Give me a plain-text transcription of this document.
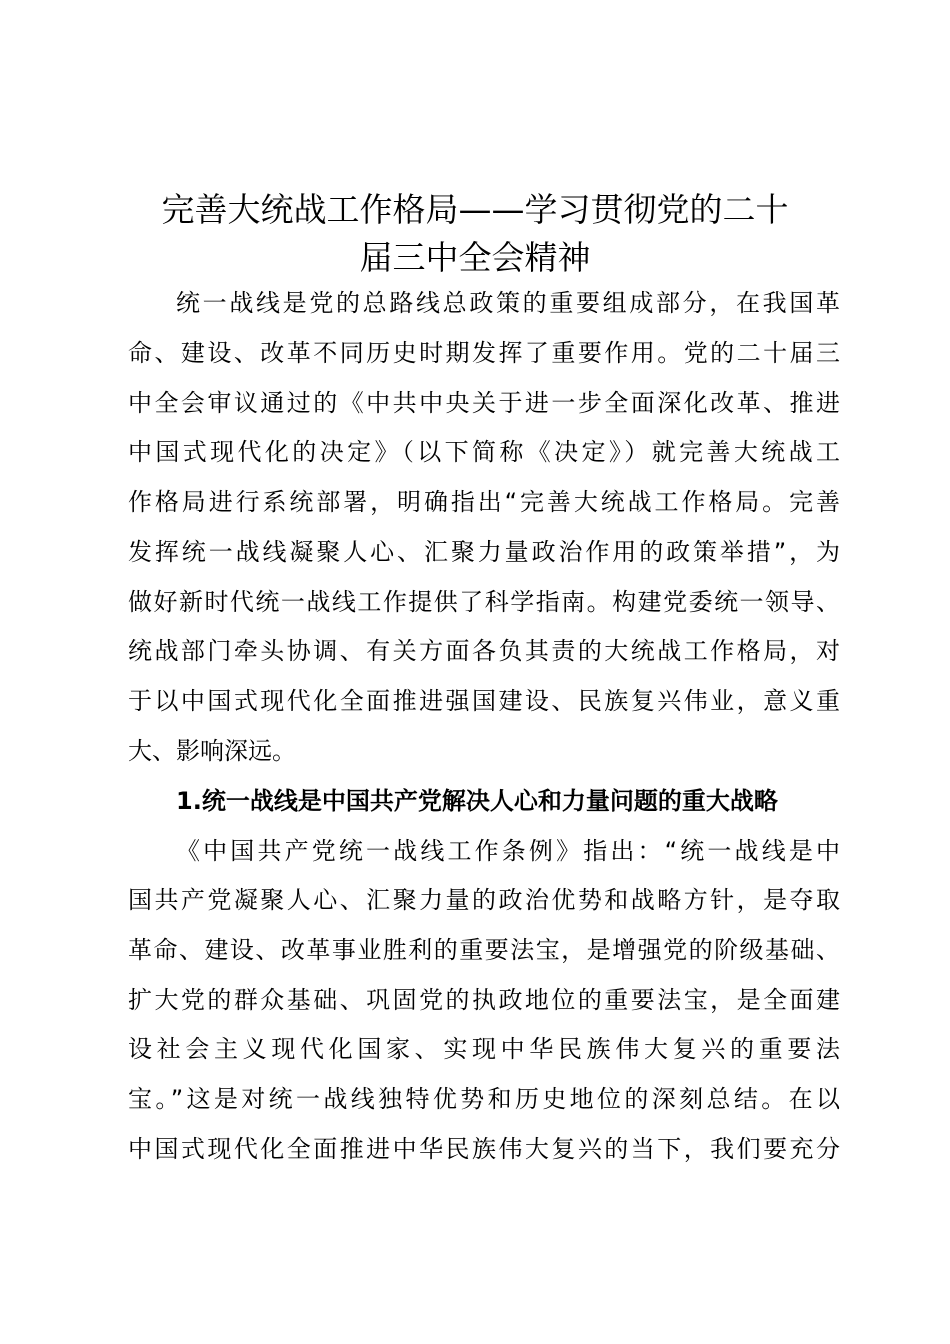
完善大统战工作格局——学习贯彻党的二十
届三中全会精神
统一战线是党的总路线总政策的重要组成部分，在我国革
命、建设、改革不同历史时期发挥了重要作用。党的二十届三
中全会审议通过的《中共中央关于进一步全面深化改革、推进
中国式现代化的决定》（以下简称《决定》）就完善大统战工
作格局进行系统部署，明确指出“完善大统战工作格局。完善
发挥统一战线凝聚人心、汇聚力量政治作用的政策举措”，为
做好新时代统一战线工作提供了科学指南。构建党委统一领导、
统战部门牵头协调、有关方面各负其责的大统战工作格局，对
于以中国式现代化全面推进强国建设、民族复兴伟业，意义重
大、影响深远。
1.统一战线是中国共产党解决人心和力量问题的重大战略
《中国共产党统一战线工作条例》指出：“统一战线是中
国共产党凝聚人心、汇聚力量的政治优势和战略方针，是夺取
革命、建设、改革事业胜利的重要法宝，是增强党的阶级基础、
扩大党的群众基础、巩固党的执政地位的重要法宝，是全面建
设社会主义现代化国家、实现中华民族伟大复兴的重要法
宝。”这是对统一战线独特优势和历史地位的深刻总结。在以
中国式现代化全面推进中华民族伟大复兴的当下，我们要充分
